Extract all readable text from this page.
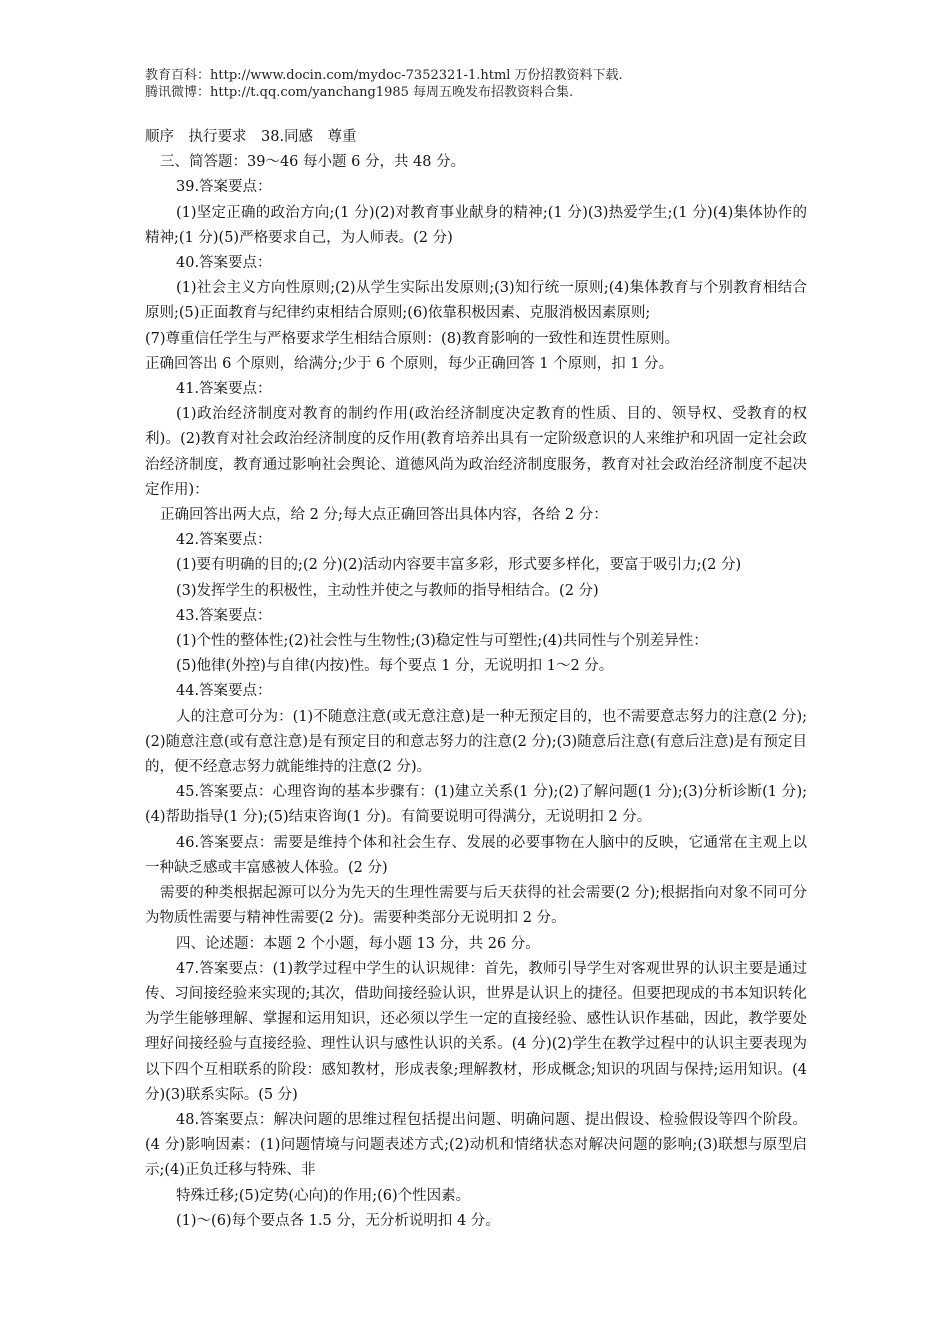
教育百科：http://www.docin.com/mydoc-7352321-1.html 万份招教资料下载.
腾讯微博：http://t.qq.com/yanchang1985 每周五晚发布招教资料合集.

顺序　执行要求　38.同感　尊重

三、简答题：39～46 每小题 6 分，共 48 分。

39.答案要点：

(1)坚定正确的政治方向;(1 分)(2)对教育事业献身的精神;(1 分)(3)热爱学生;(1 分)(4)集体协作的精神;(1 分)(5)严格要求自己，为人师表。(2 分)

40.答案要点：

(1)社会主义方向性原则;(2)从学生实际出发原则;(3)知行统一原则;(4)集体教育与个别教育相结合原则;(5)正面教育与纪律约束相结合原则;(6)依靠积极因素、克服消极因素原则;

(7)尊重信任学生与严格要求学生相结合原则：(8)教育影响的一致性和连贯性原则。

正确回答出 6 个原则，给满分;少于 6 个原则，每少正确回答 1 个原则，扣 1 分。

41.答案要点：

(1)政治经济制度对教育的制约作用(政治经济制度决定教育的性质、目的、领导权、受教育的权利)。(2)教育对社会政治经济制度的反作用(教育培养出具有一定阶级意识的人来维护和巩固一定社会政治经济制度，教育通过影响社会舆论、道德风尚为政治经济制度服务，教育对社会政治经济制度不起决定作用)：

正确回答出两大点，给 2 分;每大点正确回答出具体内容，各给 2 分：

42.答案要点：

(1)要有明确的目的;(2 分)(2)活动内容要丰富多彩，形式要多样化，要富于吸引力;(2 分)

(3)发挥学生的积极性，主动性并使之与教师的指导相结合。(2 分)

43.答案要点：

(1)个性的整体性;(2)社会性与生物性;(3)稳定性与可塑性;(4)共同性与个别差异性：

(5)他律(外控)与自律(内按)性。每个要点 1 分，无说明扣 1～2 分。

44.答案要点：

人的注意可分为：(1)不随意注意(或无意注意)是一种无预定目的，也不需要意志努力的注意(2 分);(2)随意注意(或有意注意)是有预定目的和意志努力的注意(2 分);(3)随意后注意(有意后注意)是有预定目的，便不经意志努力就能维持的注意(2 分)。

45.答案要点：心理咨询的基本步骤有：(1)建立关系(1 分);(2)了解问题(1 分);(3)分析诊断(1 分);(4)帮助指导(1 分);(5)结束咨询(1 分)。有简要说明可得满分，无说明扣 2 分。

46.答案要点：需要是维持个体和社会生存、发展的必要事物在人脑中的反映，它通常在主观上以一种缺乏感或丰富感被人体验。(2 分)

需要的种类根据起源可以分为先天的生理性需要与后天获得的社会需要(2 分);根据指向对象不同可分为物质性需要与精神性需要(2 分)。需要种类部分无说明扣 2 分。

四、论述题：本题 2 个小题，每小题 13 分，共 26 分。

47.答案要点：(1)教学过程中学生的认识规律：首先，教师引导学生对客观世界的认识主要是通过传、习间接经验来实现的;其次，借助间接经验认识，世界是认识上的捷径。但要把现成的书本知识转化为学生能够理解、掌握和运用知识，还必须以学生一定的直接经验、感性认识作基础，因此，教学要处理好间接经验与直接经验、理性认识与感性认识的关系。(4 分)(2)学生在教学过程中的认识主要表现为以下四个互相联系的阶段：感知教材，形成表象;理解教材，形成概念;知识的巩固与保持;运用知识。(4 分)(3)联系实际。(5 分)

48.答案要点：解决问题的思维过程包括提出问题、明确问题、提出假设、检验假设等四个阶段。(4 分)影响因素：(1)问题情境与问题表述方式;(2)动机和情绪状态对解决问题的影响;(3)联想与原型启示;(4)正负迁移与特殊、非

特殊迁移;(5)定势(心向)的作用;(6)个性因素。

(1)～(6)每个要点各 1.5 分，无分析说明扣 4 分。
